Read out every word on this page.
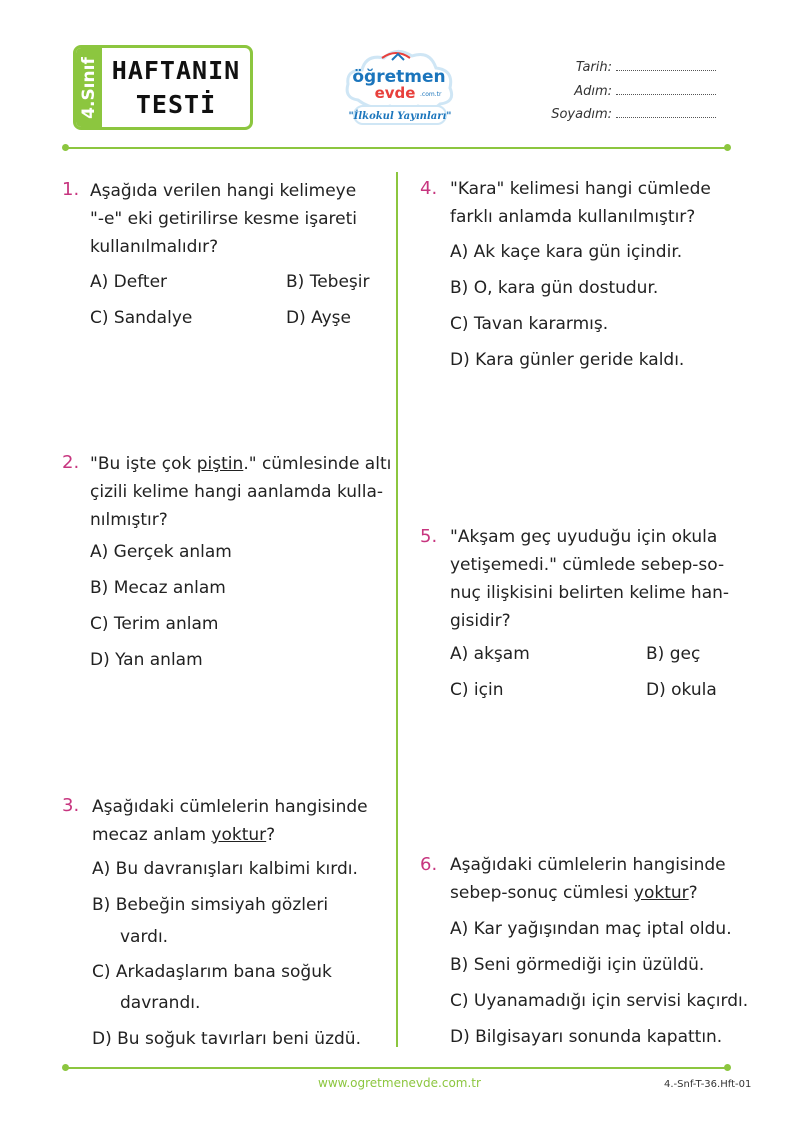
4.Sınıf HAFTANIN
TESTİ
öğretmen
evde .com.tr
"İlkokul Yayınları"
Tarih:
Adım:
Soyadım:
1. Aşağıda verilen hangi kelimeye
"-e" eki getirilirse kesme işareti
kullanılmalıdır?
A) Defter	B) Tebeşir
C) Sandalye	D) Ayşe
2. "Bu işte çok piştin." cümlesinde altı
çizili kelime hangi aanlamda kulla-
nılmıştır?
A) Gerçek anlam
B) Mecaz anlam
C) Terim anlam
D) Yan anlam
3. Aşağıdaki cümlelerin hangisinde
mecaz anlam yoktur?
A) Bu davranışları kalbimi kırdı.
B) Bebeğin simsiyah gözleri
vardı.
C) Arkadaşlarım bana soğuk
davrandı.
D) Bu soğuk tavırları beni üzdü.
4. "Kara" kelimesi hangi cümlede
farklı anlamda kullanılmıştır?
A) Ak kaçe kara gün içindir.
B) O, kara gün dostudur.
C) Tavan kararmış.
D) Kara günler geride kaldı.
5. "Akşam geç uyuduğu için okula
yetişemedi." cümlede sebep-so-
nuç ilişkisini belirten kelime han-
gisidir?
A) akşam	B) geç
C) için	D) okula
6. Aşağıdaki cümlelerin hangisinde
sebep-sonuç cümlesi yoktur?
A) Kar yağışından maç iptal oldu.
B) Seni görmediği için üzüldü.
C) Uyanamadığı için servisi kaçırdı.
D) Bilgisayarı sonunda kapattın.
www.ogretmenevde.com.tr	4.-Snf-T-36.Hft-01
